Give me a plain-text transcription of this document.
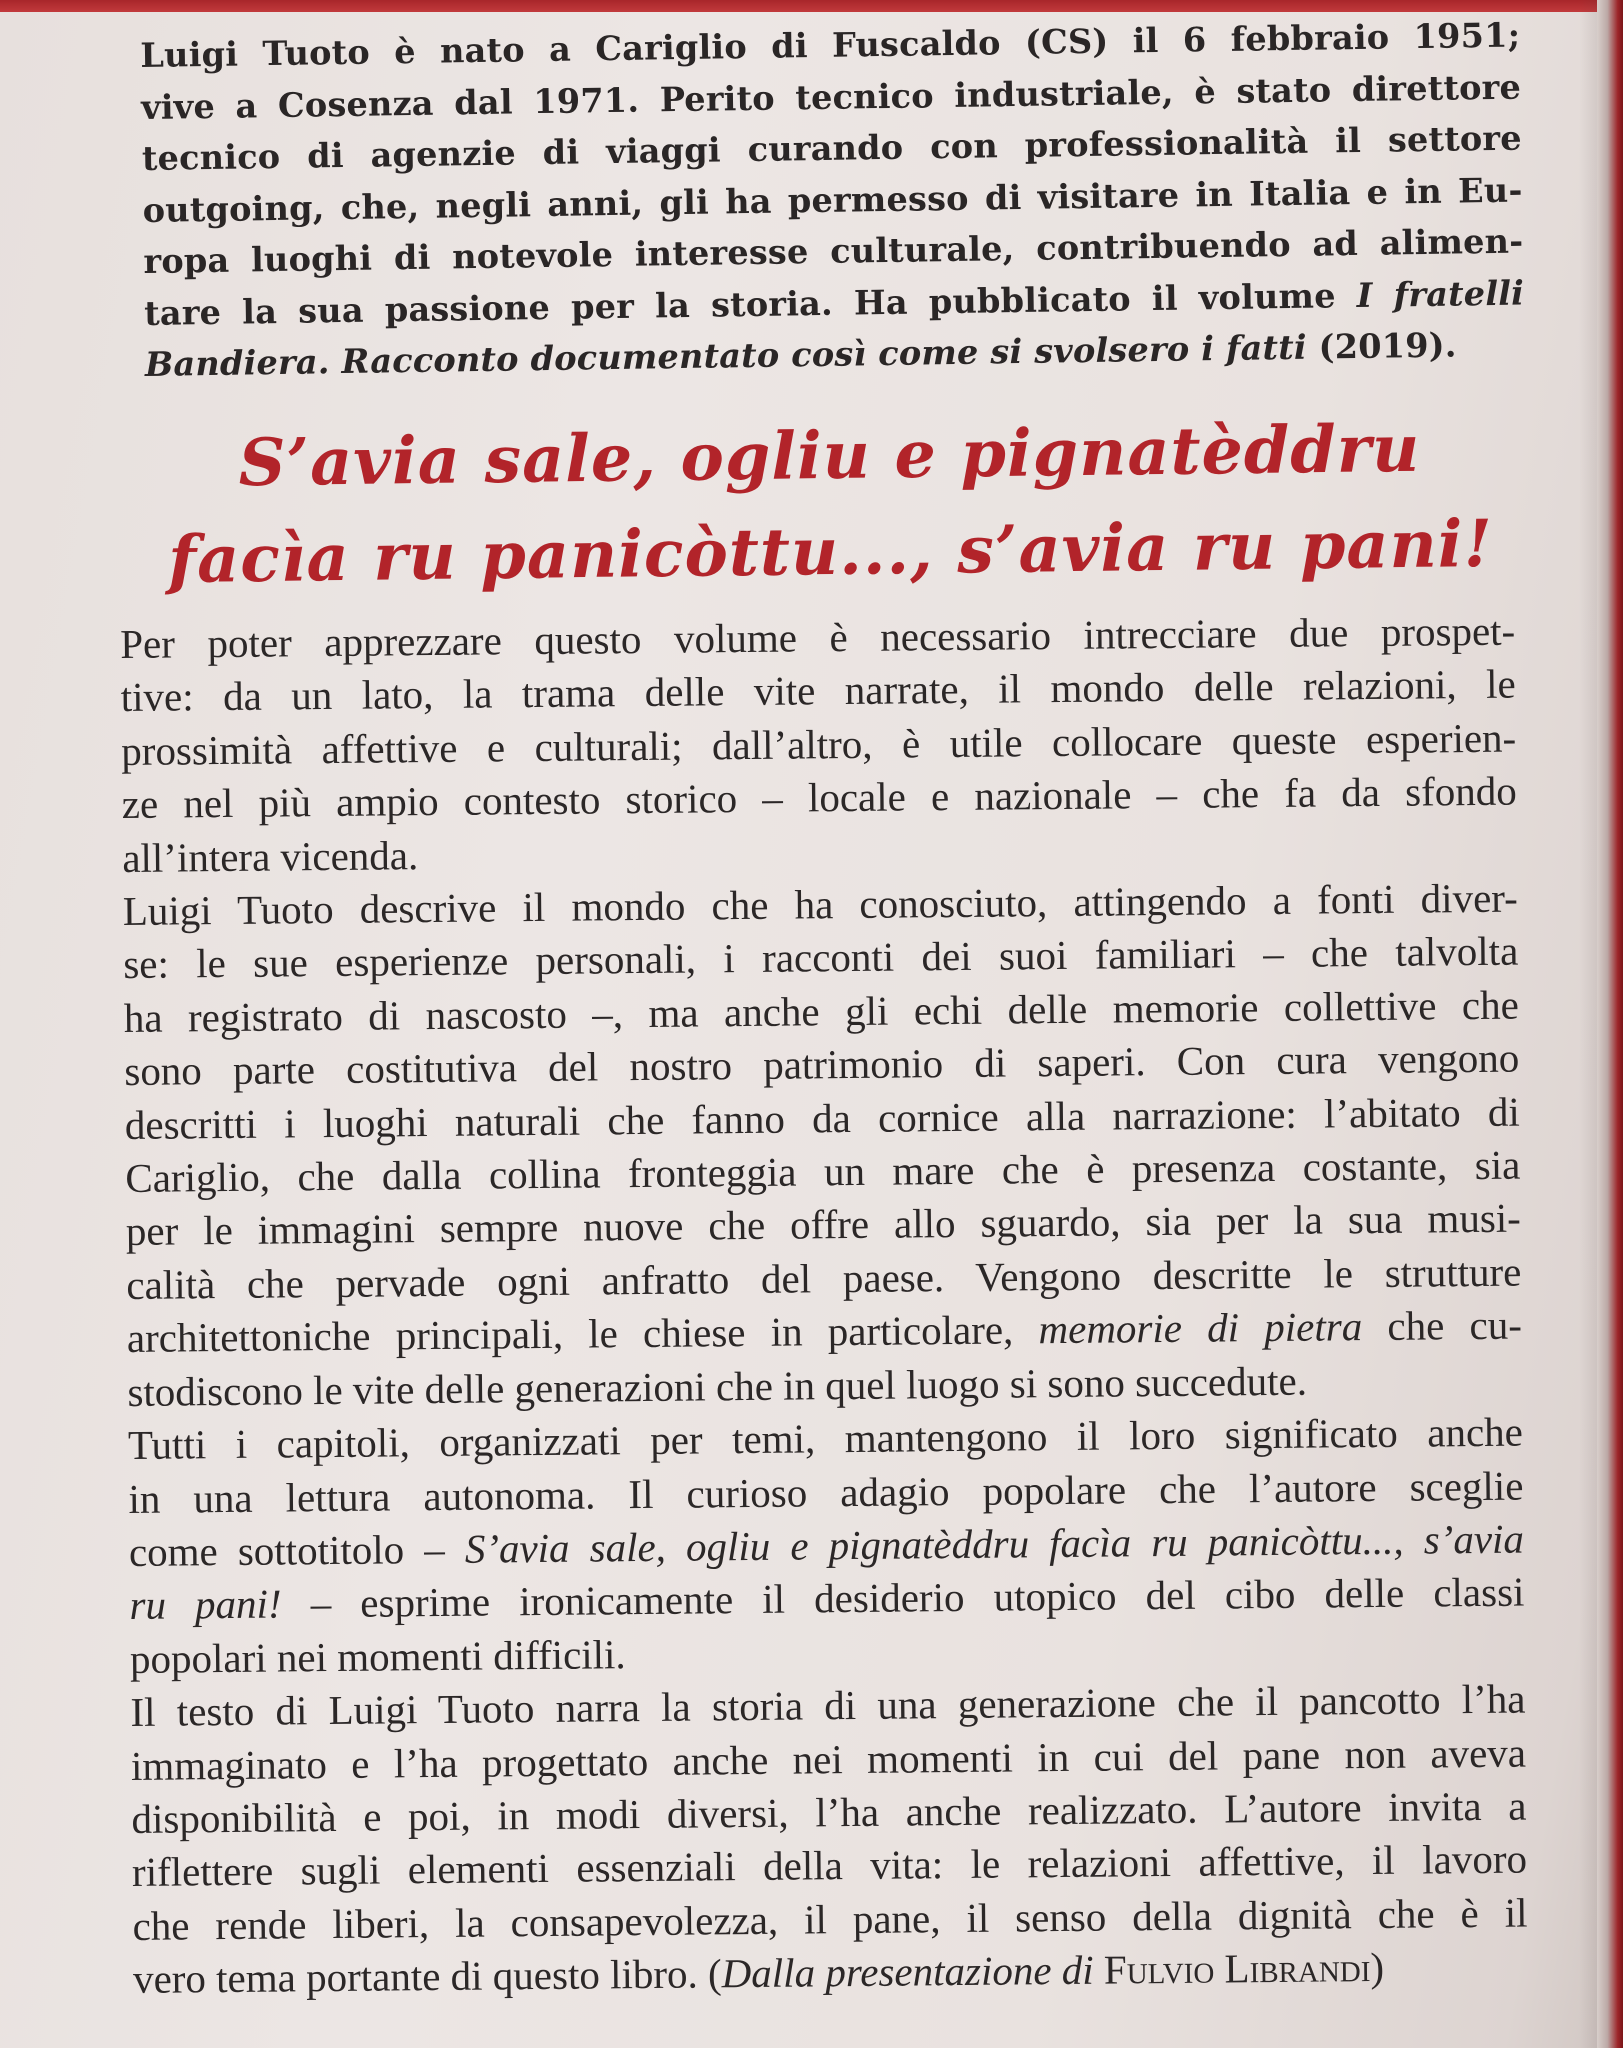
Luigi Tuoto è nato a Cariglio di Fuscaldo (CS) il 6 febbraio 1951;
vive a Cosenza dal 1971. Perito tecnico industriale, è stato direttore
tecnico di agenzie di viaggi curando con professionalità il settore
outgoing, che, negli anni, gli ha permesso di visitare in Italia e in Eu-
ropa luoghi di notevole interesse culturale, contribuendo ad alimen-
tare la sua passione per la storia. Ha pubblicato il volume I fratelli
Bandiera. Racconto documentato così come si svolsero i fatti (2019).
S’avia sale, ogliu e pignatèddru
facìa ru panicòttu..., s’avia ru pani!
Per poter apprezzare questo volume è necessario intrecciare due prospet-
tive: da un lato, la trama delle vite narrate, il mondo delle relazioni, le
prossimità affettive e culturali; dall’altro, è utile collocare queste esperien-
ze nel più ampio contesto storico – locale e nazionale – che fa da sfondo
all’intera vicenda.
Luigi Tuoto descrive il mondo che ha conosciuto, attingendo a fonti diver-
se: le sue esperienze personali, i racconti dei suoi familiari – che talvolta
ha registrato di nascosto –, ma anche gli echi delle memorie collettive che
sono parte costitutiva del nostro patrimonio di saperi. Con cura vengono
descritti i luoghi naturali che fanno da cornice alla narrazione: l’abitato di
Cariglio, che dalla collina fronteggia un mare che è presenza costante, sia
per le immagini sempre nuove che offre allo sguardo, sia per la sua musi-
calità che pervade ogni anfratto del paese. Vengono descritte le strutture
architettoniche principali, le chiese in particolare, memorie di pietra che cu-
stodiscono le vite delle generazioni che in quel luogo si sono succedute.
Tutti i capitoli, organizzati per temi, mantengono il loro significato anche
in una lettura autonoma. Il curioso adagio popolare che l’autore sceglie
come sottotitolo – S’avia sale, ogliu e pignatèddru facìa ru panicòttu..., s’avia
ru pani! – esprime ironicamente il desiderio utopico del cibo delle classi
popolari nei momenti difficili.
Il testo di Luigi Tuoto narra la storia di una generazione che il pancotto l’ha
immaginato e l’ha progettato anche nei momenti in cui del pane non aveva
disponibilità e poi, in modi diversi, l’ha anche realizzato. L’autore invita a
riflettere sugli elementi essenziali della vita: le relazioni affettive, il lavoro
che rende liberi, la consapevolezza, il pane, il senso della dignità che è il
vero tema portante di questo libro. (Dalla presentazione di Fulvio Librandi)
